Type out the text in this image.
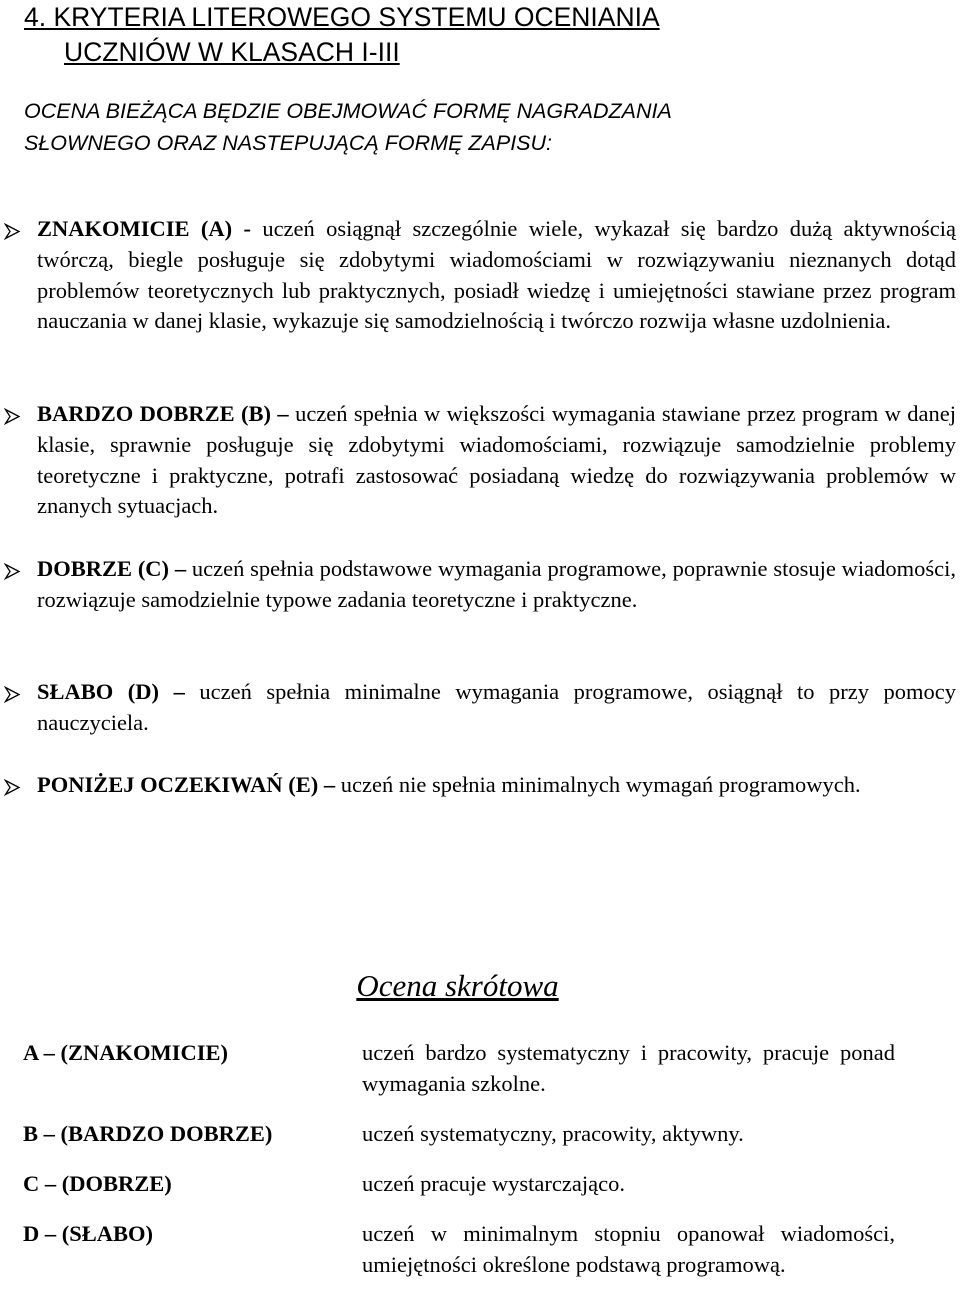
4. KRYTERIA LITEROWEGO SYSTEMU OCENIANIA
UCZNIÓW W KLASACH I-III
OCENA BIEŻĄCA BĘDZIE OBEJMOWAĆ FORMĘ NAGRADZANIA
SŁOWNEGO ORAZ NASTEPUJĄCĄ FORMĘ ZAPISU:
ZNAKOMICIE (A) - uczeń osiągnął szczególnie wiele, wykazał się bardzo dużą aktywnością twórczą, biegle posługuje się zdobytymi wiadomościami w rozwiązywaniu nieznanych dotąd problemów teoretycznych lub praktycznych, posiadł wiedzę i umiejętności stawiane przez program nauczania w danej klasie, wykazuje się samodzielnością i twórczo rozwija własne uzdolnienia.
BARDZO DOBRZE (B) – uczeń spełnia w większości wymagania stawiane przez program w danej klasie, sprawnie posługuje się zdobytymi wiadomościami, rozwiązuje samodzielnie problemy teoretyczne i praktyczne, potrafi zastosować posiadaną wiedzę do rozwiązywania problemów w znanych sytuacjach.
DOBRZE (C) – uczeń spełnia podstawowe wymagania programowe, poprawnie stosuje wiadomości, rozwiązuje samodzielnie typowe zadania teoretyczne i praktyczne.
SŁABO (D) – uczeń spełnia minimalne wymagania programowe, osiągnął to przy pomocy nauczyciela.
PONIŻEJ OCZEKIWAŃ (E) – uczeń nie spełnia minimalnych wymagań programowych.
Ocena skrótowa
A – (ZNAKOMICIE)	uczeń bardzo systematyczny i pracowity, pracuje ponad wymagania szkolne.
B – (BARDZO DOBRZE)	uczeń systematyczny, pracowity, aktywny.
C – (DOBRZE)	uczeń pracuje wystarczająco.
D – (SŁABO)	uczeń w minimalnym stopniu opanował wiadomości, umiejętności określone podstawą programową.
